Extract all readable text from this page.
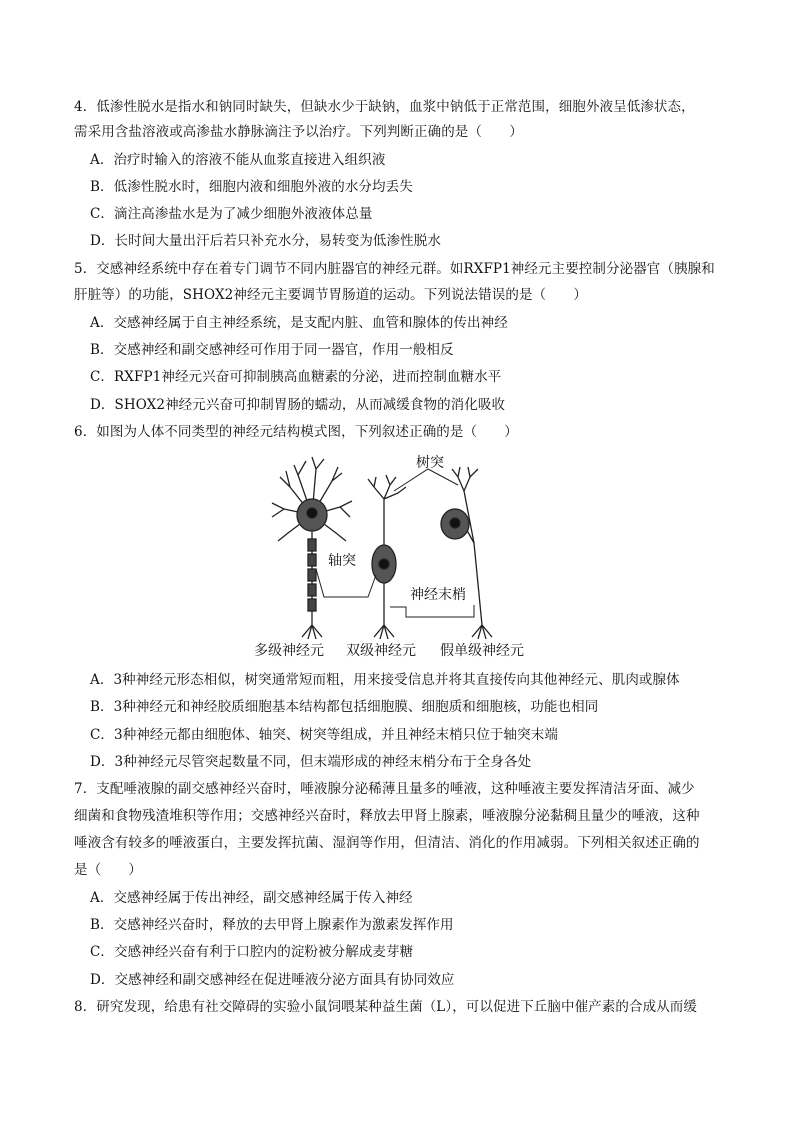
4．低渗性脱水是指水和钠同时缺失，但缺水少于缺钠，血浆中钠低于正常范围，细胞外液呈低渗状态，
需采用含盐溶液或高渗盐水静脉滴注予以治疗。下列判断正确的是（　　）
A．治疗时输入的溶液不能从血浆直接进入组织液
B．低渗性脱水时，细胞内液和细胞外液的水分均丢失
C．滴注高渗盐水是为了减少细胞外液液体总量
D．长时间大量出汗后若只补充水分，易转变为低渗性脱水
5．交感神经系统中存在着专门调节不同内脏器官的神经元群。如RXFP1神经元主要控制分泌器官（胰腺和
肝脏等）的功能，SHOX2神经元主要调节胃肠道的运动。下列说法错误的是（　　）
A．交感神经属于自主神经系统，是支配内脏、血管和腺体的传出神经
B．交感神经和副交感神经可作用于同一器官，作用一般相反
C．RXFP1神经元兴奋可抑制胰高血糖素的分泌，进而控制血糖水平
D．SHOX2神经元兴奋可抑制胃肠的蠕动，从而减缓食物的消化吸收
6．如图为人体不同类型的神经元结构模式图，下列叙述正确的是（　　）
树突
轴突
神经末梢
多级神经元 双级神经元 假单级神经元
A．3种神经元形态相似，树突通常短而粗，用来接受信息并将其直接传向其他神经元、肌肉或腺体
B．3种神经元和神经胶质细胞基本结构都包括细胞膜、细胞质和细胞核，功能也相同
C．3种神经元都由细胞体、轴突、树突等组成，并且神经末梢只位于轴突末端
D．3种神经元尽管突起数量不同，但末端形成的神经末梢分布于全身各处
7．支配唾液腺的副交感神经兴奋时，唾液腺分泌稀薄且量多的唾液，这种唾液主要发挥清洁牙面、减少
细菌和食物残渣堆积等作用；交感神经兴奋时，释放去甲肾上腺素，唾液腺分泌黏稠且量少的唾液，这种
唾液含有较多的唾液蛋白，主要发挥抗菌、湿润等作用，但清洁、消化的作用减弱。下列相关叙述正确的
是（　　）
A．交感神经属于传出神经，副交感神经属于传入神经
B．交感神经兴奋时，释放的去甲肾上腺素作为激素发挥作用
C．交感神经兴奋有利于口腔内的淀粉被分解成麦芽糖
D．交感神经和副交感神经在促进唾液分泌方面具有协同效应
8．研究发现，给患有社交障碍的实验小鼠饲喂某种益生菌（L），可以促进下丘脑中催产素的合成从而缓
